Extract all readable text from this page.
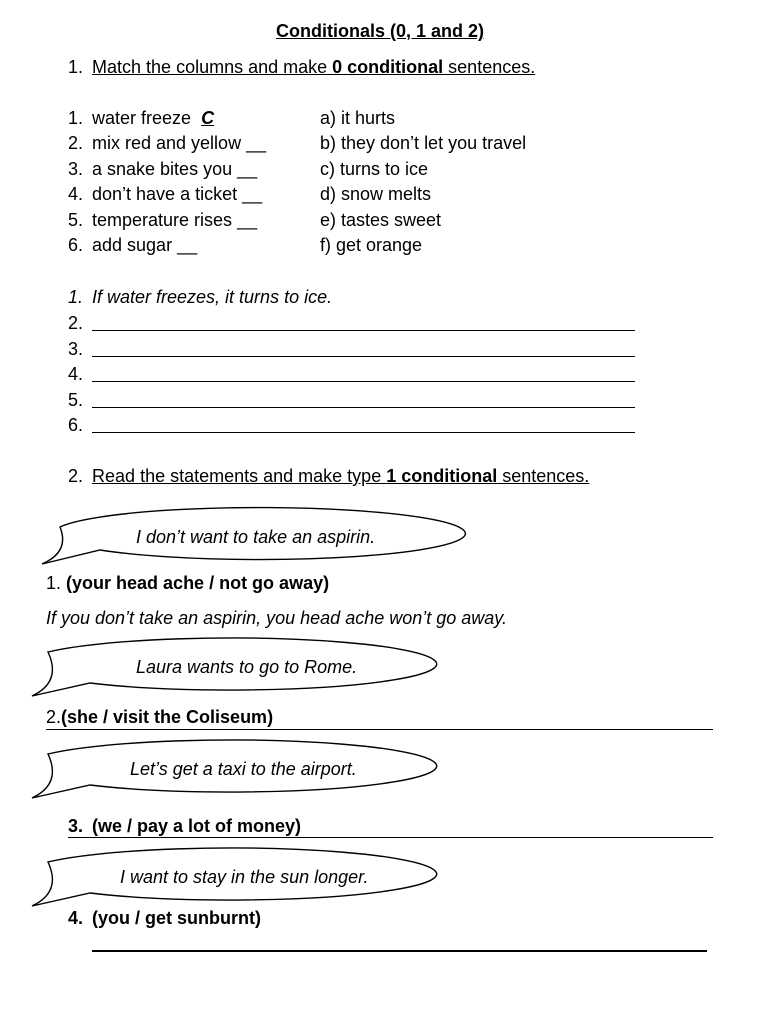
Conditionals (0, 1 and 2)
1. Match the columns and make 0 conditional sentences.
1. water freeze C
2. mix red and yellow __
3. a snake bites you __
4. don’t have a ticket __
5. temperature rises __
6. add sugar __
a) it hurts
b) they don’t let you travel
c) turns to ice
d) snow melts
e) tastes sweet
f) get orange
1. If water freezes, it turns to ice.
2.
3.
4.
5.
6.
2. Read the statements and make type 1 conditional sentences.
I don’t want to take an aspirin.
1. (your head ache / not go away)
If you don’t take an aspirin, you head ache won’t go away.
Laura wants to go to Rome.
2.(she / visit the Coliseum)
Let’s get a taxi to the airport.
3. (we / pay a lot of money)
I want to stay in the sun longer.
4. (you / get sunburnt)
